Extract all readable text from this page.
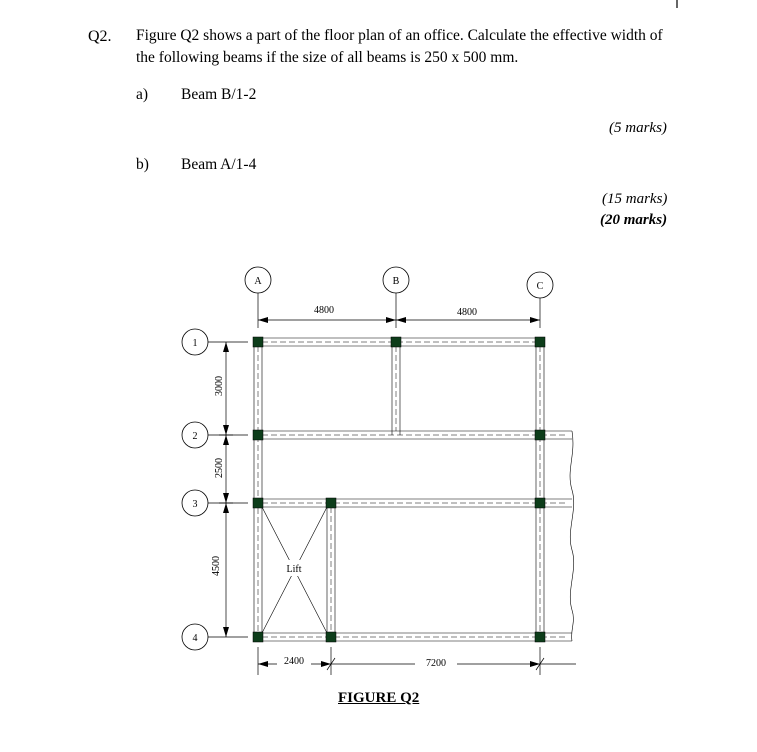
Q2. Figure Q2 shows a part of the floor plan of an office. Calculate the effective width of
the following beams if the size of all beams is 250 x 500 mm.
a) Beam B/1-2
(5 marks)
b) Beam A/1-4
(15 marks)
(20 marks)
A	B	C
4800	4800
1
2
3
4
3000
2500
4500	Lift
2400	7200
FIGURE Q2
